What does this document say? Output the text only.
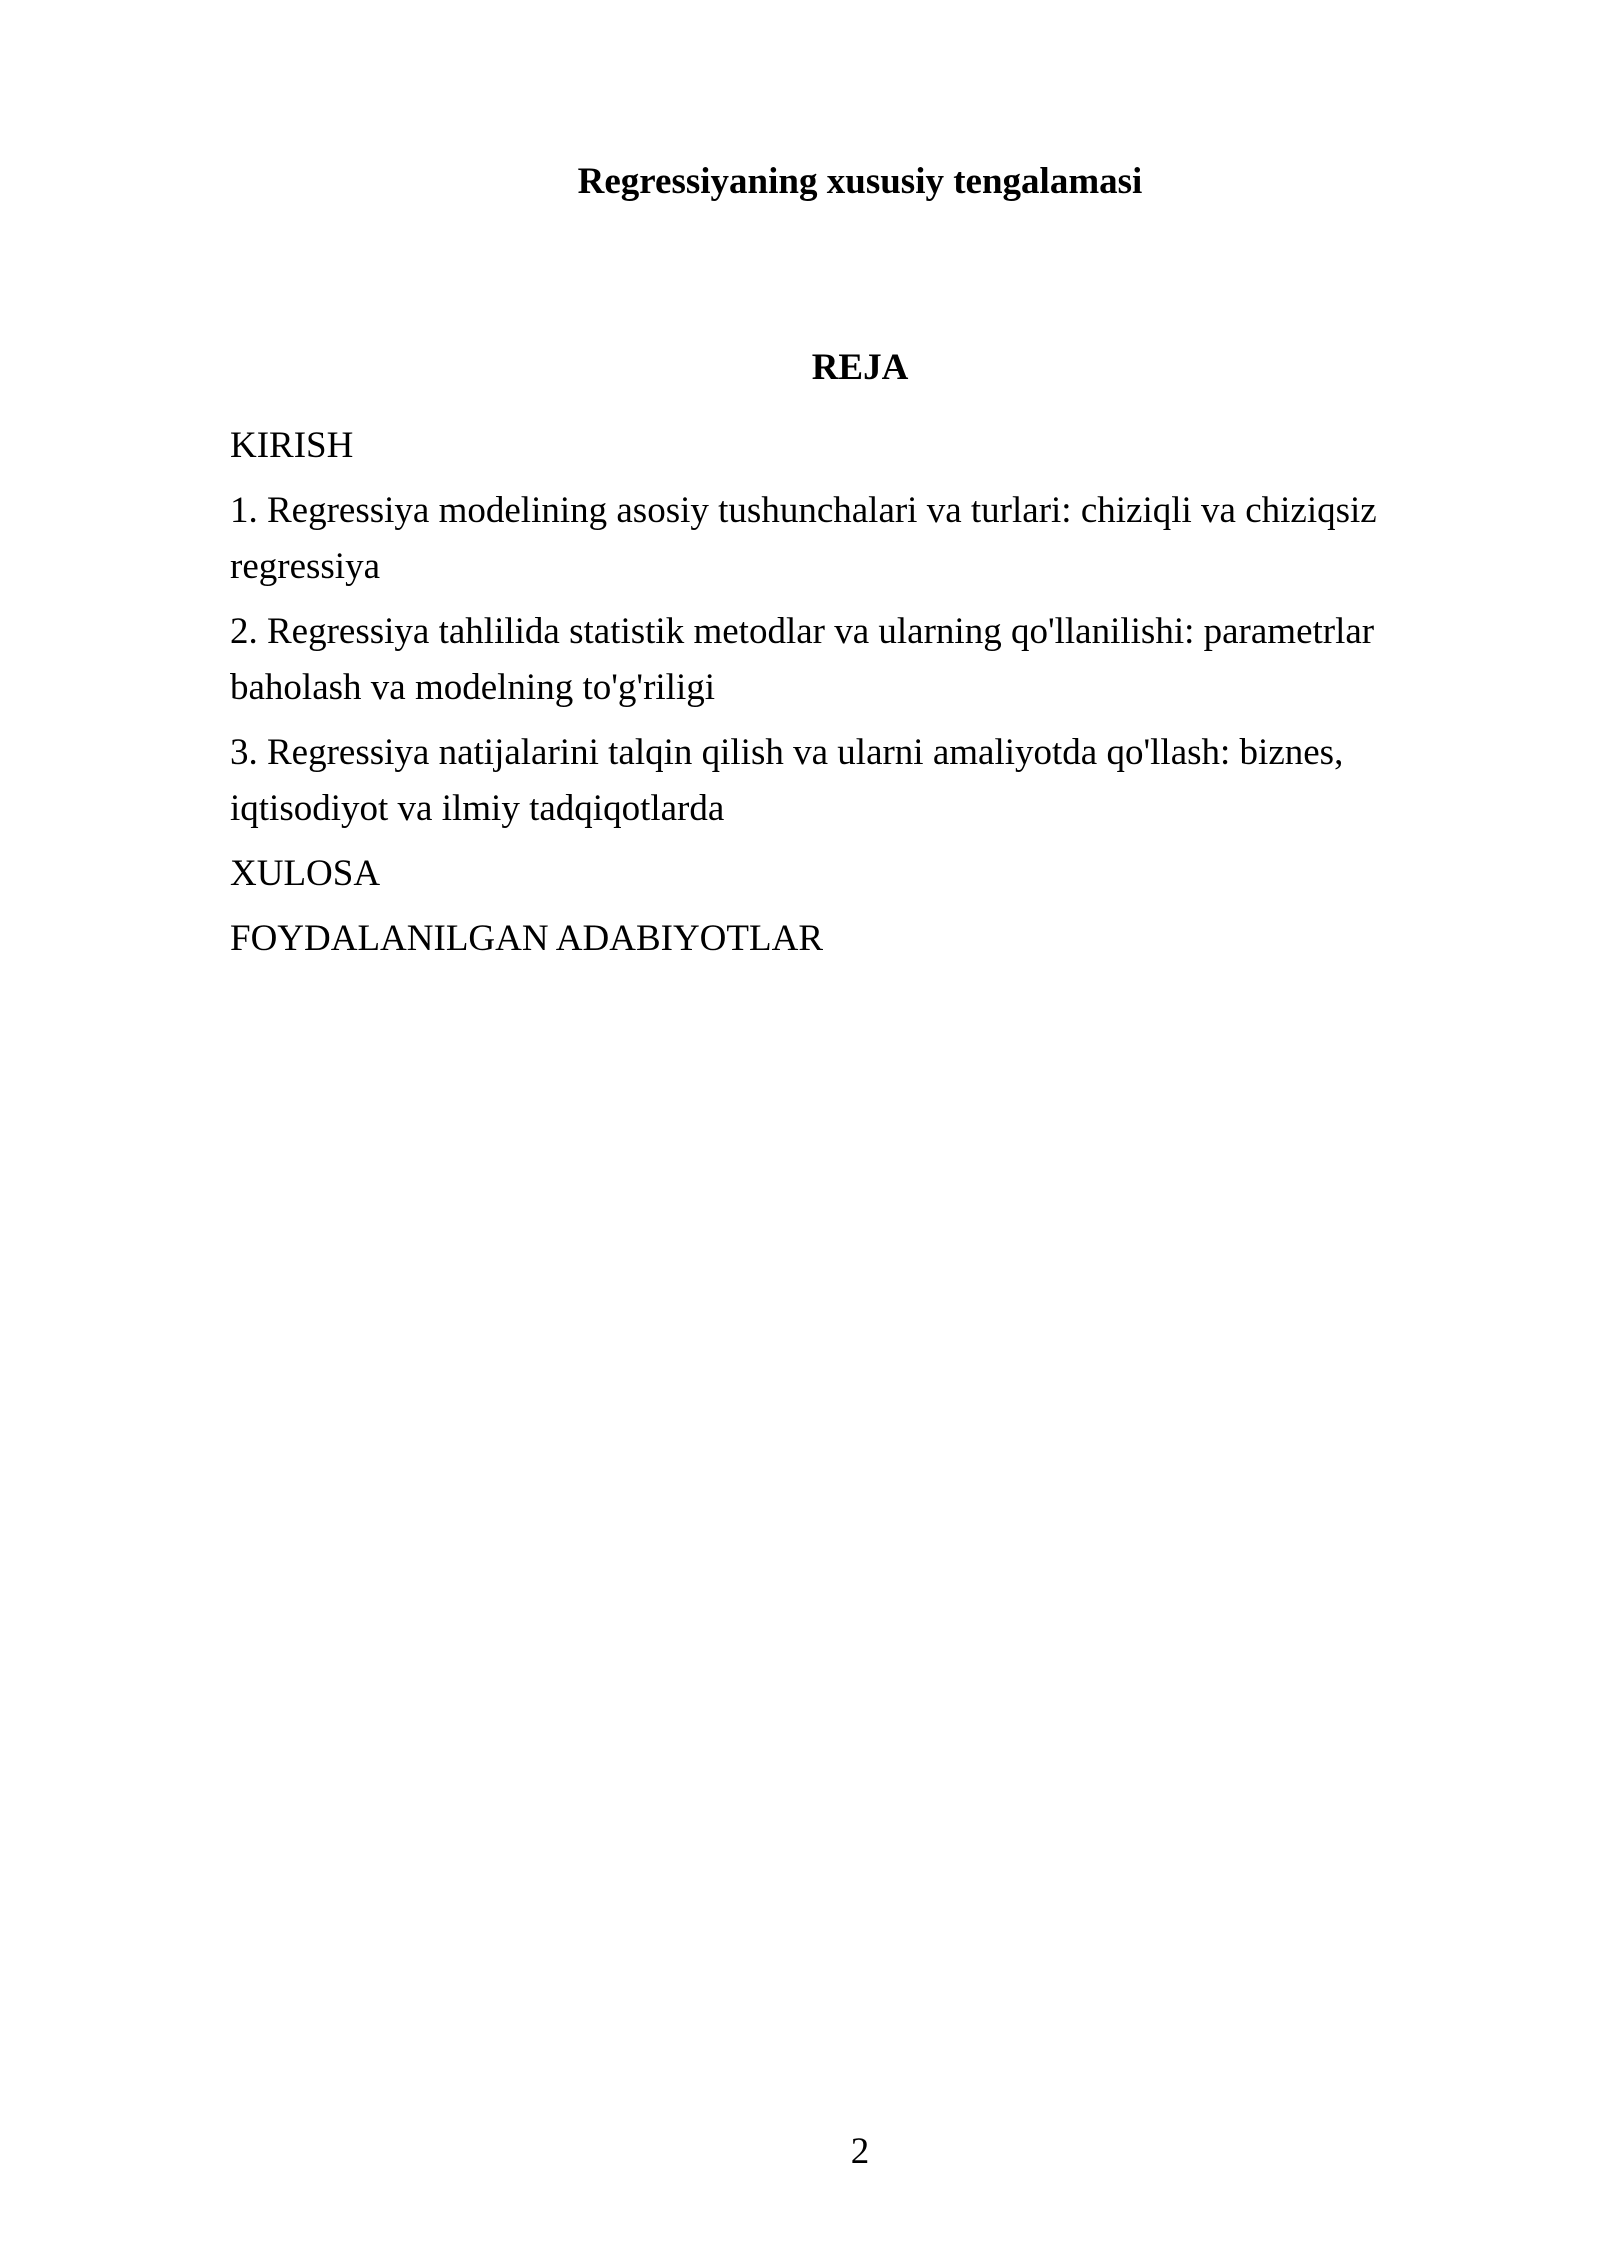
Regressiyaning xususiy tengalamasi
REJA
KIRISH
1. Regressiya modelining asosiy tushunchalari va turlari: chiziqli va chiziqsiz regressiya
2. Regressiya tahlilida statistik metodlar va ularning qo'llanilishi: parametrlar baholash va modelning to'g'riligi
3. Regressiya natijalarini talqin qilish va ularni amaliyotda qo'llash: biznes, iqtisodiyot va ilmiy tadqiqotlarda
XULOSA
FOYDALANILGAN ADABIYOTLAR
2
